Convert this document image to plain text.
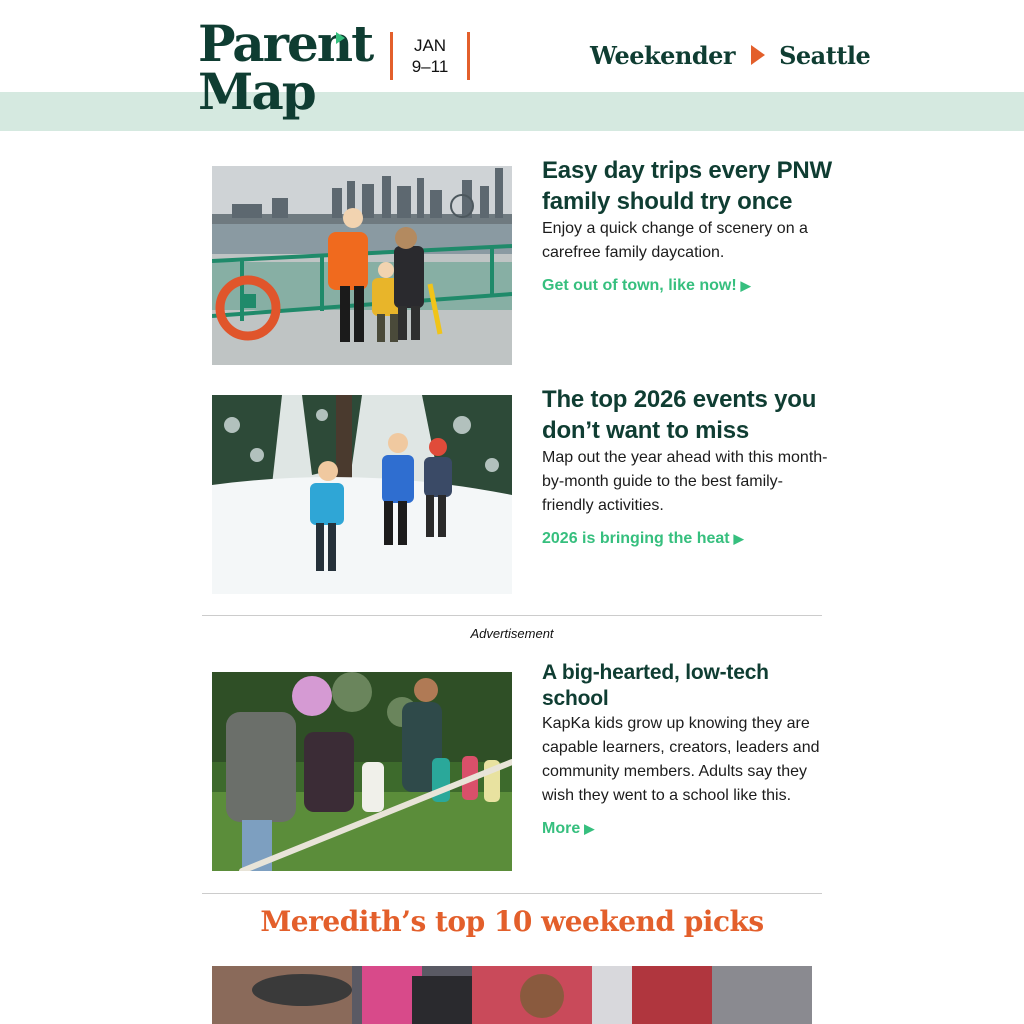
Parent
Map
JAN
9–11	Weekender Seattle

Easy day trips every PNW family should try once

Enjoy a quick change of scenery on a carefree family daycation.

Get out of town, like now! ▶

The top 2026 events you don’t want to miss

Map out the year ahead with this month-by-month guide to the best family-friendly activities.

2026 is bringing the heat ▶
Advertisement

A big-hearted, low-tech school

KapKa kids grow up knowing they are capable learners, creators, leaders and community members. Adults say they wish they went to a school like this.

More ▶
Meredith’s top 10 weekend picks
